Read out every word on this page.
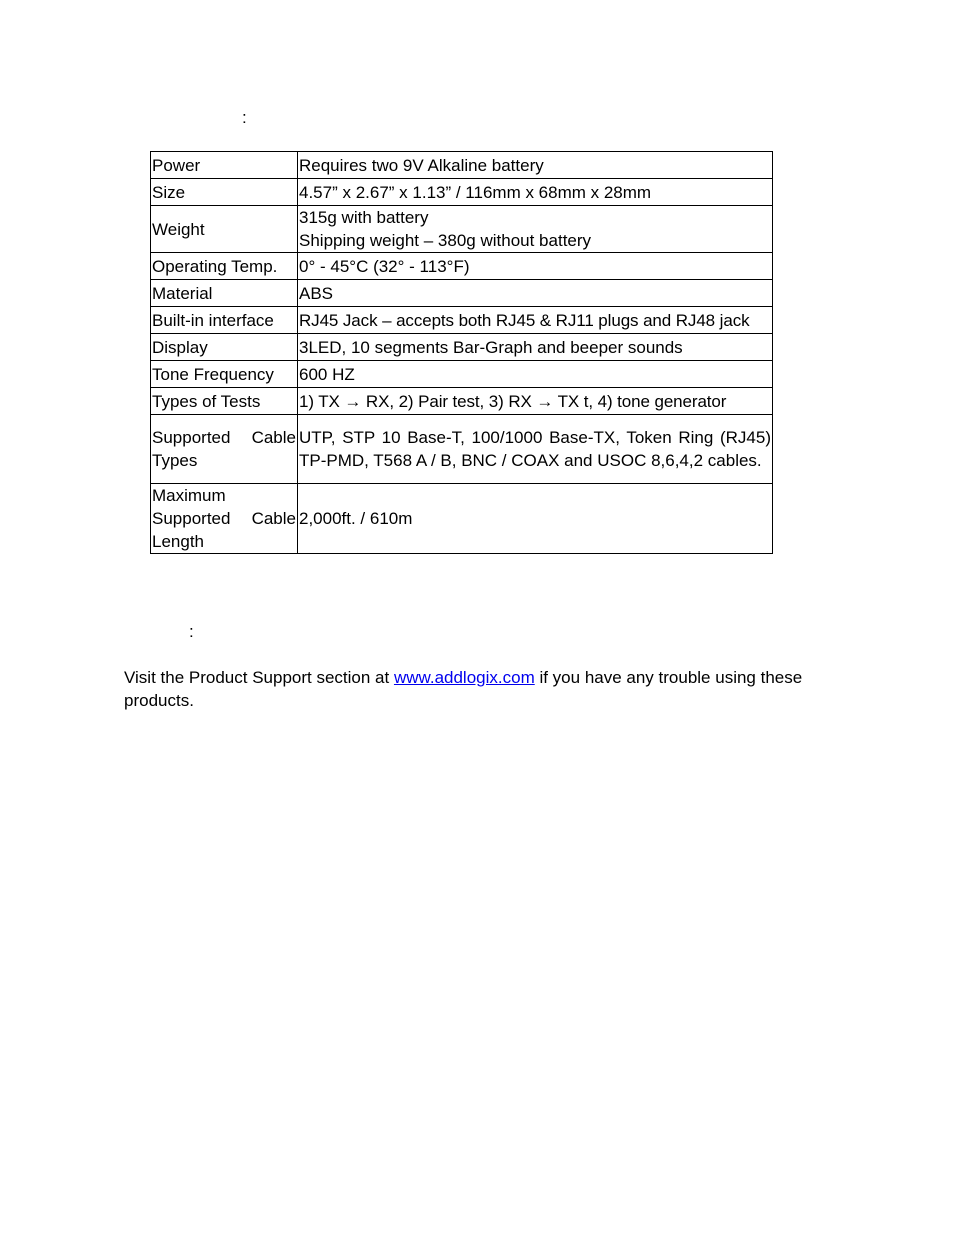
:
Power	Requires two 9V Alkaline battery
Size	4.57” x 2.67” x 1.13” / 116mm x 68mm x 28mm
Weight	315g with battery
Shipping weight – 380g without battery

Operating Temp.	0° - 45°C (32° - 113°F)
Material	ABS
Built-in interface	RJ45 Jack – accepts both RJ45 & RJ11 plugs and RJ48 jack
Display	3LED, 10 segments Bar-Graph and beeper sounds
Tone Frequency	600 HZ
Types of Tests	1) TX → RX, 2) Pair test, 3) RX → TX t, 4) tone generator
Supported Cable Types	UTP, STP 10 Base-T, 100/1000 Base-TX, Token Ring (RJ45) TP-PMD, T568 A / B, BNC / COAX and USOC 8,6,4,2 cables.
Maximum Supported Cable Length	2,000ft. / 610m
:

Visit the Product Support section at www.addlogix.com if you have any trouble using these products.
